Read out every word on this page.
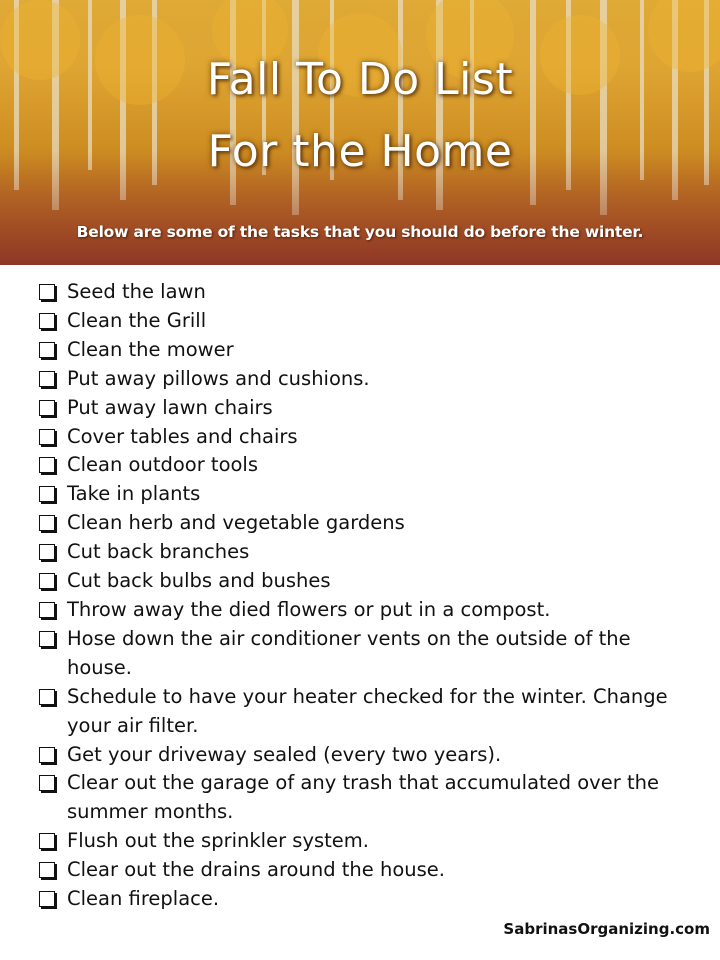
Fall To Do List
For the Home
Below are some of the tasks that you should do before the winter.
Seed the lawn
Clean the Grill
Clean the mower
Put away pillows and cushions.
Put away lawn chairs
Cover tables and chairs
Clean outdoor tools
Take in plants
Clean herb and vegetable gardens
Cut back branches
Cut back bulbs and bushes
Throw away the died flowers or put in a compost.
Hose down the air conditioner vents on the outside of the house.
Schedule to have your heater checked for the winter. Change your air filter.
Get your driveway sealed (every two years).
Clear out the garage of any trash that accumulated over the summer months.
Flush out the sprinkler system.
Clear out the drains around the house.
Clean fireplace.
SabrinasOrganizing.com
